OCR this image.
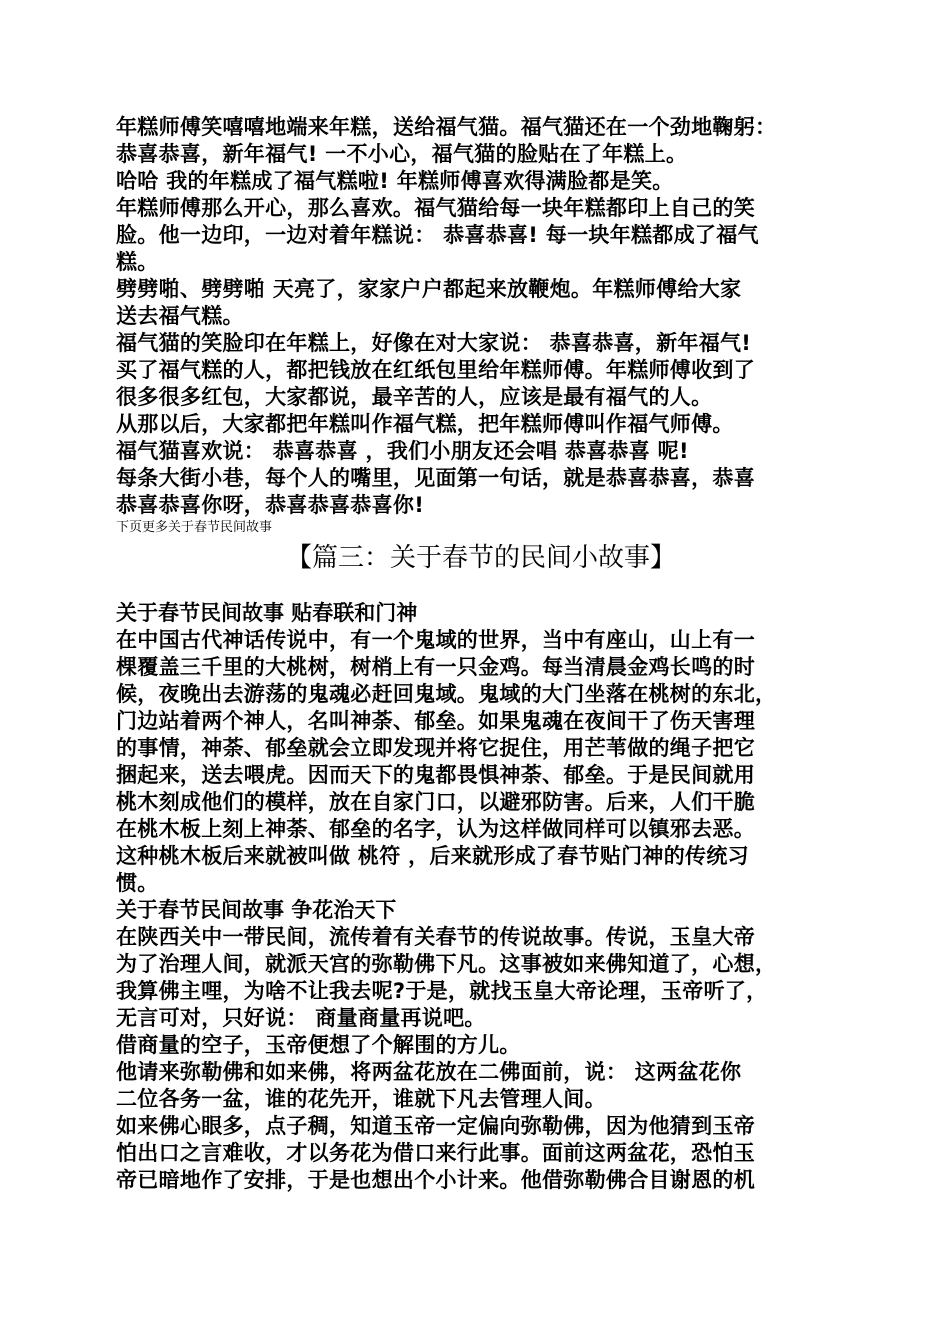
年糕师傅笑嘻嘻地端来年糕，送给福气猫。福气猫还在一个劲地鞠躬：
恭喜恭喜，新年福气! 一不小心，福气猫的脸贴在了年糕上。

哈哈 我的年糕成了福气糕啦! 年糕师傅喜欢得满脸都是笑。

年糕师傅那么开心，那么喜欢。福气猫给每一块年糕都印上自己的笑
脸。他一边印，一边对着年糕说： 恭喜恭喜! 每一块年糕都成了福气
糕。

劈劈啪、劈劈啪 天亮了，家家户户都起来放鞭炮。年糕师傅给大家
送去福气糕。

福气猫的笑脸印在年糕上，好像在对大家说： 恭喜恭喜，新年福气!

买了福气糕的人，都把钱放在红纸包里给年糕师傅。年糕师傅收到了
很多很多红包，大家都说，最辛苦的人，应该是最有福气的人。

从那以后，大家都把年糕叫作福气糕，把年糕师傅叫作福气师傅。

福气猫喜欢说： 恭喜恭喜 ，我们小朋友还会唱 恭喜恭喜 呢!

每条大街小巷，每个人的嘴里，见面第一句话，就是恭喜恭喜，恭喜
恭喜恭喜你呀，恭喜恭喜恭喜你!

下页更多关于春节民间故事

【篇三：关于春节的民间小故事】

关于春节民间故事 贴春联和门神

在中国古代神话传说中，有一个鬼域的世界，当中有座山，山上有一
棵覆盖三千里的大桃树，树梢上有一只金鸡。每当清晨金鸡长鸣的时
候，夜晚出去游荡的鬼魂必赶回鬼域。鬼域的大门坐落在桃树的东北，
门边站着两个神人，名叫神荼、郁垒。如果鬼魂在夜间干了伤天害理
的事情，神荼、郁垒就会立即发现并将它捉住，用芒苇做的绳子把它
捆起来，送去喂虎。因而天下的鬼都畏惧神荼、郁垒。于是民间就用
桃木刻成他们的模样，放在自家门口，以避邪防害。后来，人们干脆
在桃木板上刻上神荼、郁垒的名字，认为这样做同样可以镇邪去恶。
这种桃木板后来就被叫做 桃符 ，后来就形成了春节贴门神的传统习
惯。

关于春节民间故事 争花治天下

在陕西关中一带民间，流传着有关春节的传说故事。传说，玉皇大帝
为了治理人间，就派天宫的弥勒佛下凡。这事被如来佛知道了，心想，
我算佛主哩，为啥不让我去呢?于是，就找玉皇大帝论理，玉帝听了，
无言可对，只好说： 商量商量再说吧。

借商量的空子，玉帝便想了个解围的方儿。

他请来弥勒佛和如来佛，将两盆花放在二佛面前，说： 这两盆花你
二位各务一盆，谁的花先开，谁就下凡去管理人间。

如来佛心眼多，点子稠，知道玉帝一定偏向弥勒佛，因为他猜到玉帝
怕出口之言难收，才以务花为借口来行此事。面前这两盆花，恐怕玉
帝已暗地作了安排，于是也想出个小计来。他借弥勒佛合目谢恩的机
